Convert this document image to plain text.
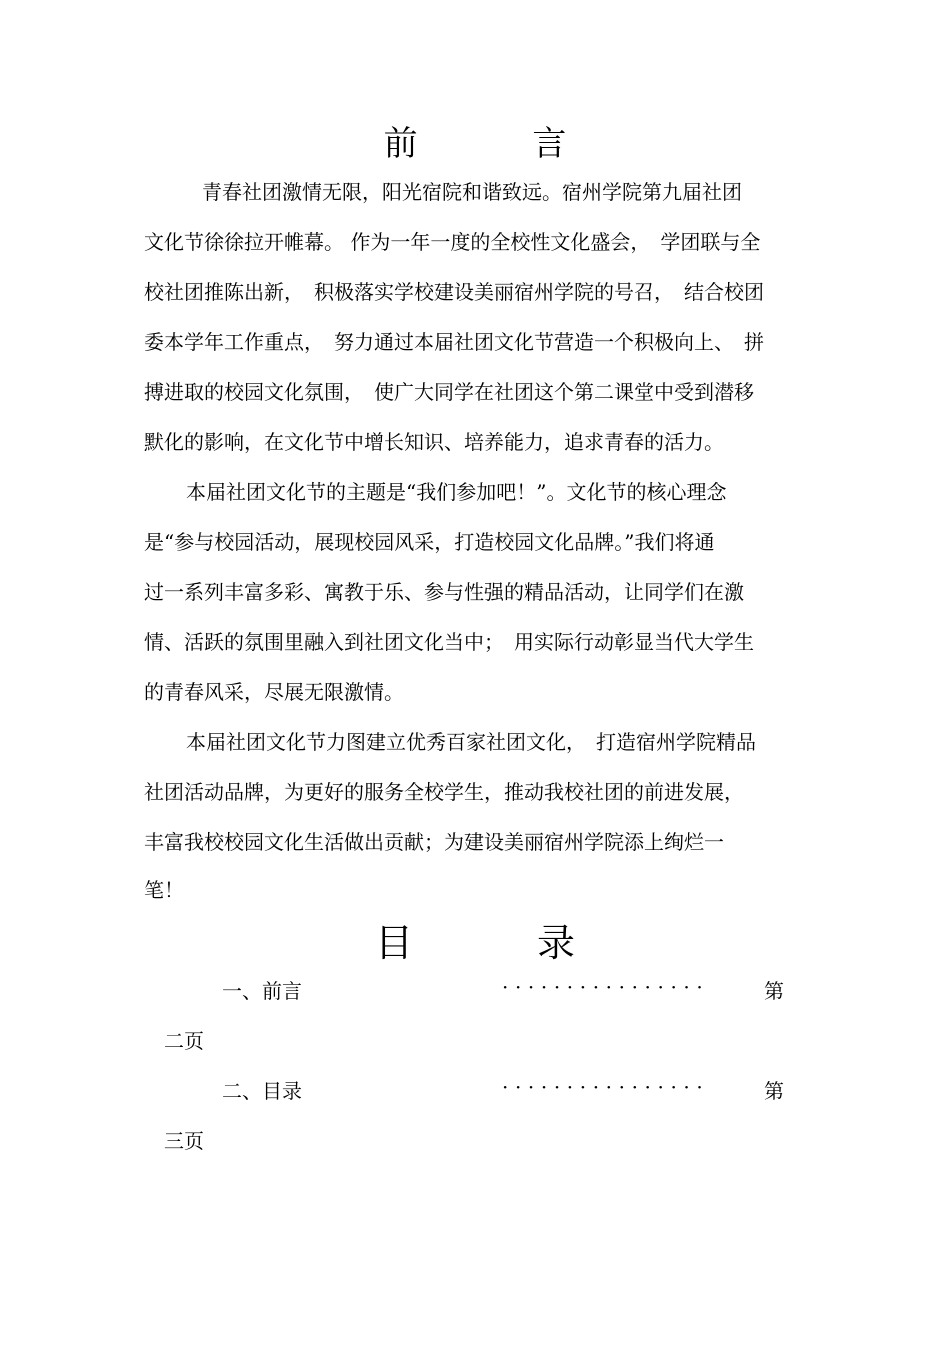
前 言

青春社团激情无限，阳光宿院和谐致远。宿州学院第九届社团

文化节徐徐拉开帷幕。 作为一年一度的全校性文化盛会，　学团联与全

校社团推陈出新，　积极落实学校建设美丽宿州学院的号召，　结合校团

委本学年工作重点，　努力通过本届社团文化节营造一个积极向上、　拼

搏进取的校园文化氛围，　使广大同学在社团这个第二课堂中受到潜移

默化的影响，在文化节中增长知识、培养能力，追求青春的活力。

本届社团文化节的主题是“我们参加吧！”。文化节的核心理念

是“参与校园活动，展现校园风采，打造校园文化品牌。”我们将通

过一系列丰富多彩、寓教于乐、参与性强的精品活动，让同学们在激

情、活跃的氛围里融入到社团文化当中；　用实际行动彰显当代大学生

的青春风采，尽展无限激情。

本届社团文化节力图建立优秀百家社团文化，　打造宿州学院精品

社团活动品牌，为更好的服务全校学生，推动我校社团的前进发展，

丰富我校校园文化生活做出贡献；为建设美丽宿州学院添上绚烂一

笔！

目 录
一、前言	················	第
二页
二、目录	················	第
三页
